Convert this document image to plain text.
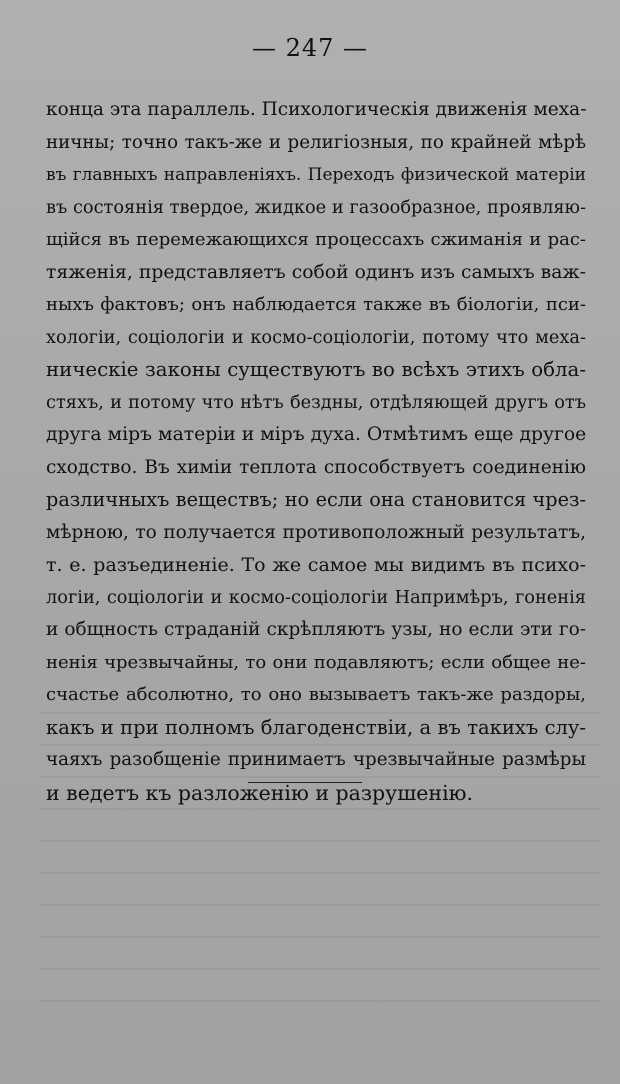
— 247 —
конца эта параллель. Психологическія движенія меха-
ничны; точно такъ-же и религіозныя, по крайней мѣрѣ
въ главныхъ направленіяхъ. Переходъ физической матеріи
въ состоянія твердое, жидкое и газообразное, проявляю-
щійся въ перемежающихся процессахъ сжиманія и рас-
тяженія, представляетъ собой одинъ изъ самыхъ важ-
ныхъ фактовъ; онъ наблюдается также въ біологіи, пси-
хологіи, соціологіи и космо-соціологіи, потому что меха-
ническіе законы существуютъ во всѣхъ этихъ обла-
стяхъ, и потому что нѣтъ бездны, отдѣляющей другъ отъ
друга міръ матеріи и міръ духа. Отмѣтимъ еще другое
сходство. Въ химіи теплота способствуетъ соединенію
различныхъ веществъ; но если она становится чрез-
мѣрною, то получается противоположный результатъ,
т. е. разъединеніе. То же самое мы видимъ въ психо-
логіи, соціологіи и космо-соціологіи Напримѣръ, гоненія
и общность страданій скрѣпляютъ узы, но если эти го-
ненія чрезвычайны, то они подавляютъ; если общее не-
счастье абсолютно, то оно вызываетъ такъ-же раздоры,
какъ и при полномъ благоденствіи, а въ такихъ слу-
чаяхъ разобщеніе принимаетъ чрезвычайные размѣры
и ведетъ къ разложенію и разрушенію.
